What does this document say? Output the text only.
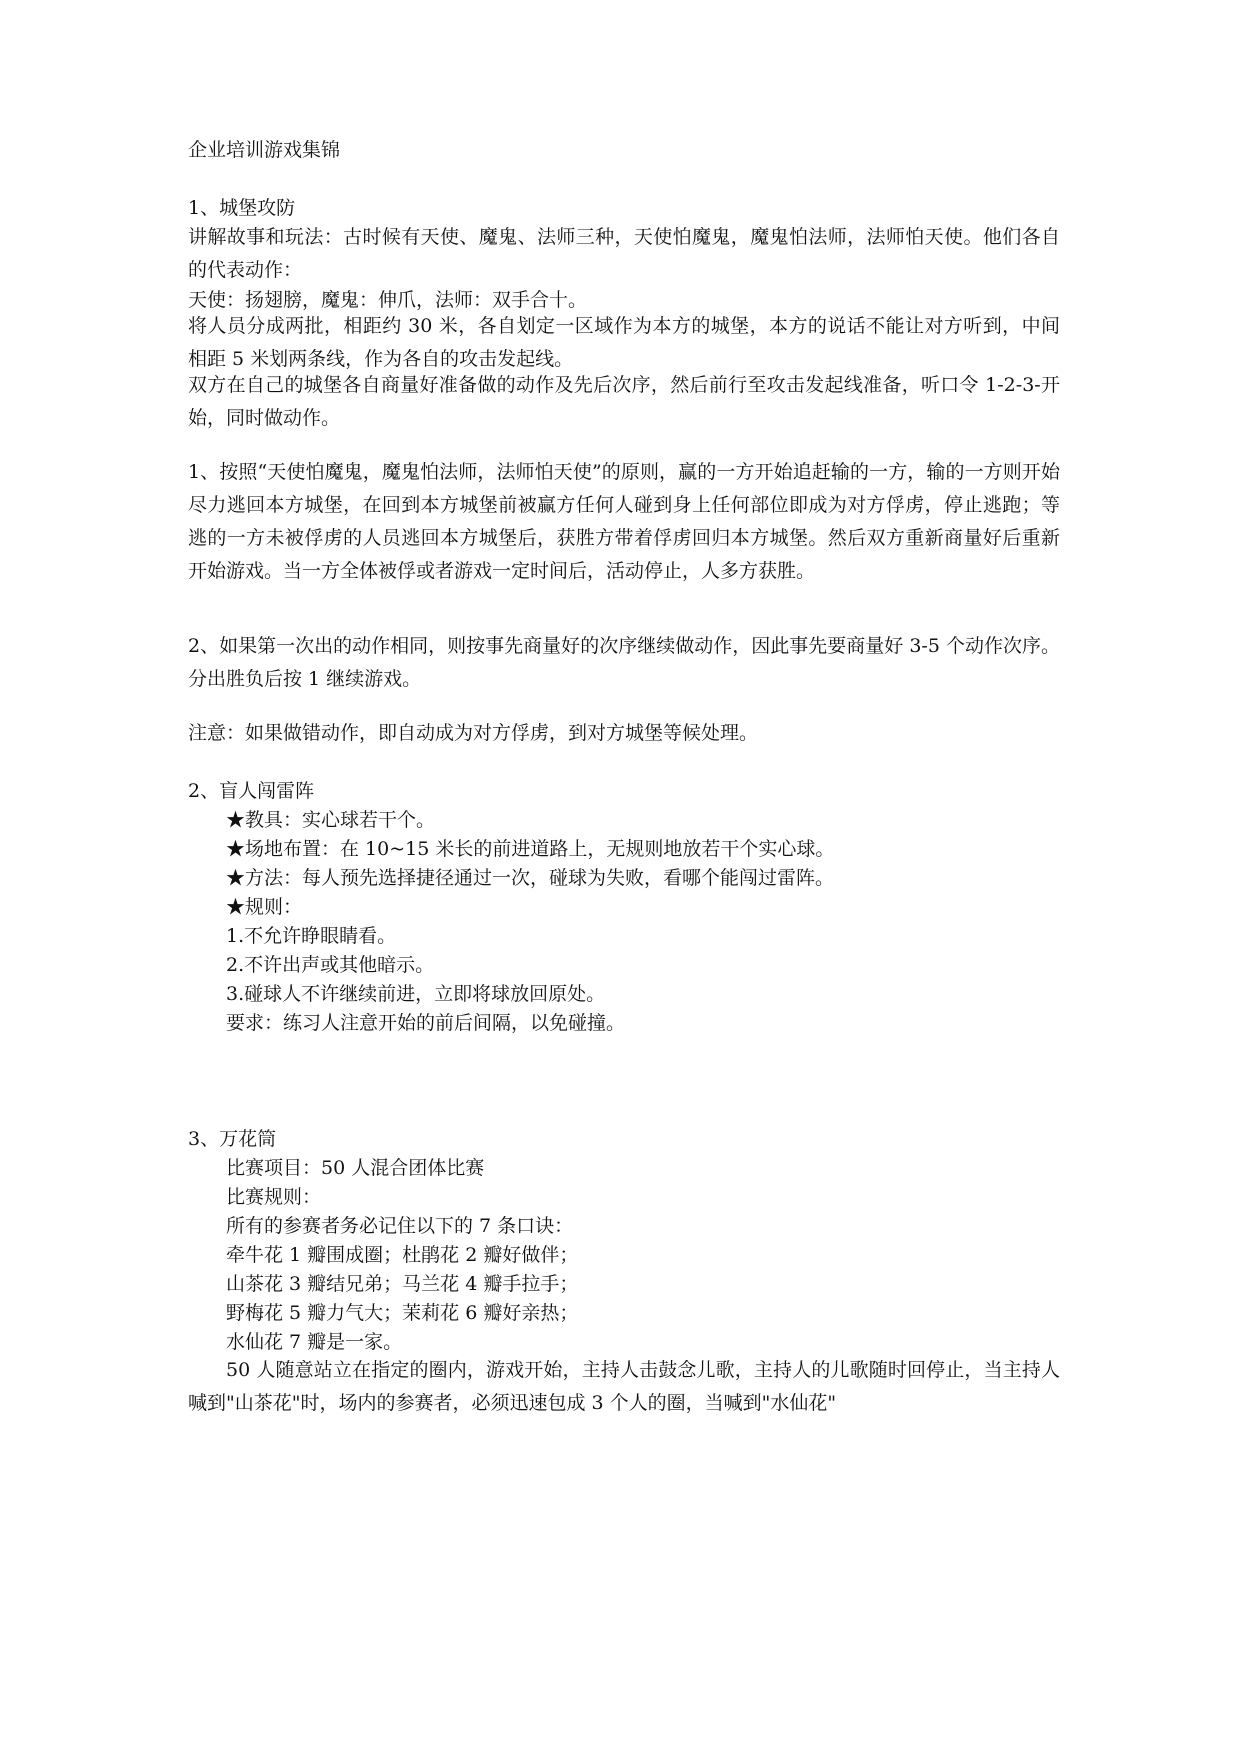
企业培训游戏集锦
1、城堡攻防
讲解故事和玩法：古时候有天使、魔鬼、法师三种，天使怕魔鬼，魔鬼怕法师，法师怕天使。他们各自的代表动作：
天使：扬翅膀，魔鬼：伸爪，法师：双手合十。
将人员分成两批，相距约 30 米，各自划定一区域作为本方的城堡，本方的说话不能让对方听到，中间相距 5 米划两条线，作为各自的攻击发起线。
双方在自己的城堡各自商量好准备做的动作及先后次序，然后前行至攻击发起线准备，听口令 1-2-3-开始，同时做动作。
1、按照“天使怕魔鬼，魔鬼怕法师，法师怕天使”的原则，赢的一方开始追赶输的一方，输的一方则开始尽力逃回本方城堡，在回到本方城堡前被赢方任何人碰到身上任何部位即成为对方俘虏，停止逃跑；等逃的一方未被俘虏的人员逃回本方城堡后，获胜方带着俘虏回归本方城堡。然后双方重新商量好后重新开始游戏。当一方全体被俘或者游戏一定时间后，活动停止，人多方获胜。
2、如果第一次出的动作相同，则按事先商量好的次序继续做动作，因此事先要商量好 3-5 个动作次序。分出胜负后按 1 继续游戏。
注意：如果做错动作，即自动成为对方俘虏，到对方城堡等候处理。
2、盲人闯雷阵
★教具：实心球若干个。
★场地布置：在 10~15 米长的前进道路上，无规则地放若干个实心球。
★方法：每人预先选择捷径通过一次，碰球为失败，看哪个能闯过雷阵。
★规则：
1.不允许睁眼睛看。
2.不许出声或其他暗示。
3.碰球人不许继续前进，立即将球放回原处。
要求：练习人注意开始的前后间隔，以免碰撞。
3、万花筒
比赛项目：50 人混合团体比赛
比赛规则：
所有的参赛者务必记住以下的 7 条口诀：
牵牛花 1 瓣围成圈；杜鹃花 2 瓣好做伴；
山茶花 3 瓣结兄弟；马兰花 4 瓣手拉手；
野梅花 5 瓣力气大；茉莉花 6 瓣好亲热；
水仙花 7 瓣是一家。
50 人随意站立在指定的圈内，游戏开始，主持人击鼓念儿歌，主持人的儿歌随时回停止，当主持人喊到"山茶花"时，场内的参赛者，必须迅速包成 3 个人的圈，当喊到"水仙花"
